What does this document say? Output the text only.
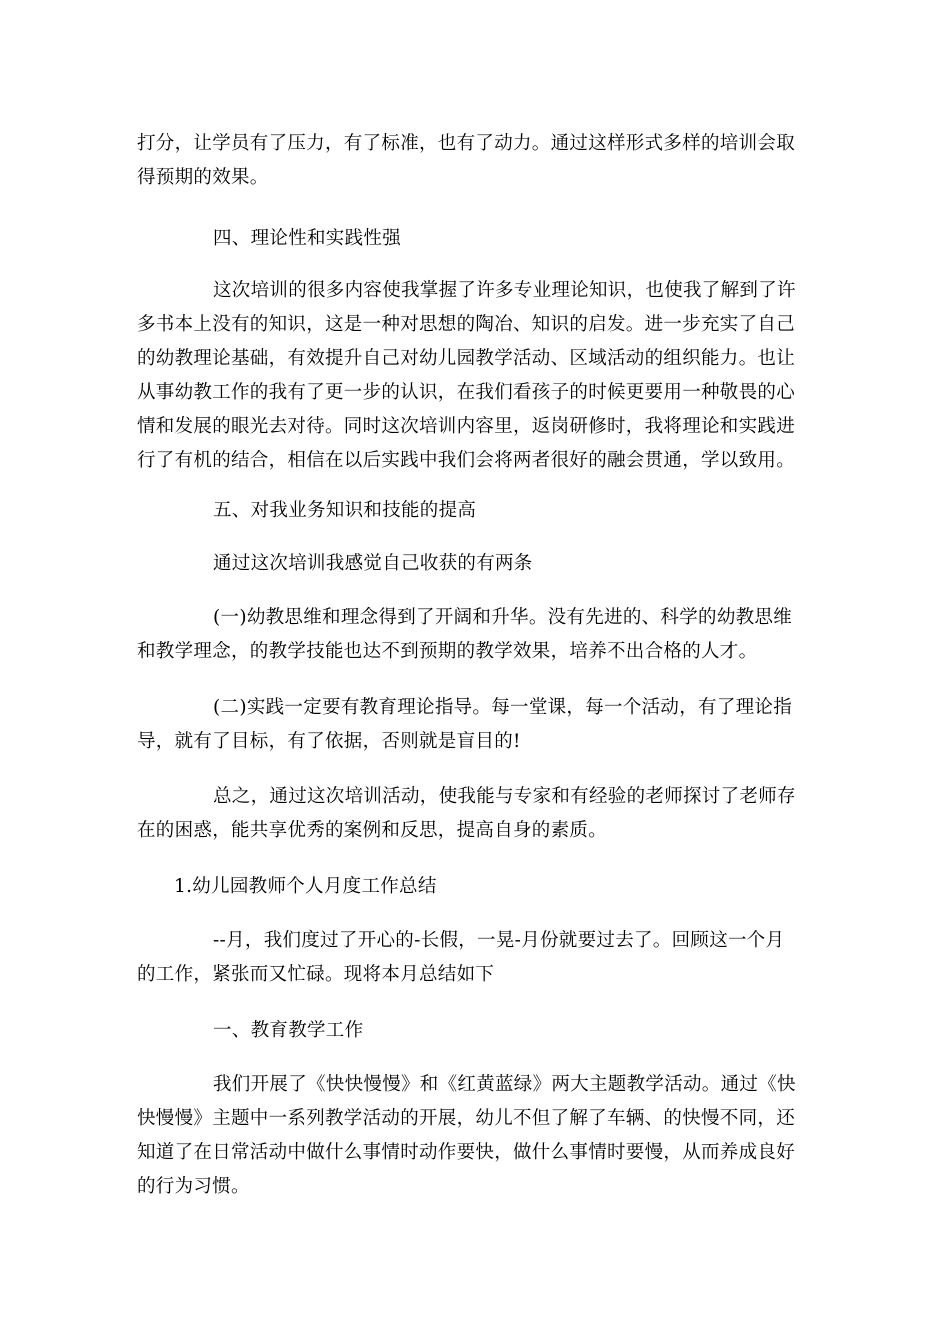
打分，让学员有了压力，有了标准，也有了动力。通过这样形式多样的培训会取
得预期的效果。
四、理论性和实践性强
这次培训的很多内容使我掌握了许多专业理论知识，也使我了解到了许
多书本上没有的知识，这是一种对思想的陶冶、知识的启发。进一步充实了自己
的幼教理论基础，有效提升自己对幼儿园教学活动、区域活动的组织能力。也让
从事幼教工作的我有了更一步的认识，在我们看孩子的时候更要用一种敬畏的心
情和发展的眼光去对待。同时这次培训内容里，返岗研修时，我将理论和实践进
行了有机的结合，相信在以后实践中我们会将两者很好的融会贯通，学以致用。
五、对我业务知识和技能的提高
通过这次培训我感觉自己收获的有两条
(一)幼教思维和理念得到了开阔和升华。没有先进的、科学的幼教思维
和教学理念，的教学技能也达不到预期的教学效果，培养不出合格的人才。
(二)实践一定要有教育理论指导。每一堂课，每一个活动，有了理论指
导，就有了目标，有了依据，否则就是盲目的!
总之，通过这次培训活动，使我能与专家和有经验的老师探讨了老师存
在的困惑，能共享优秀的案例和反思，提高自身的素质。
1.幼儿园教师个人月度工作总结
--月，我们度过了开心的-长假，一晃-月份就要过去了。回顾这一个月
的工作，紧张而又忙碌。现将本月总结如下
一、教育教学工作
我们开展了《快快慢慢》和《红黄蓝绿》两大主题教学活动。通过《快
快慢慢》主题中一系列教学活动的开展，幼儿不但了解了车辆、的快慢不同，还
知道了在日常活动中做什么事情时动作要快，做什么事情时要慢，从而养成良好
的行为习惯。
